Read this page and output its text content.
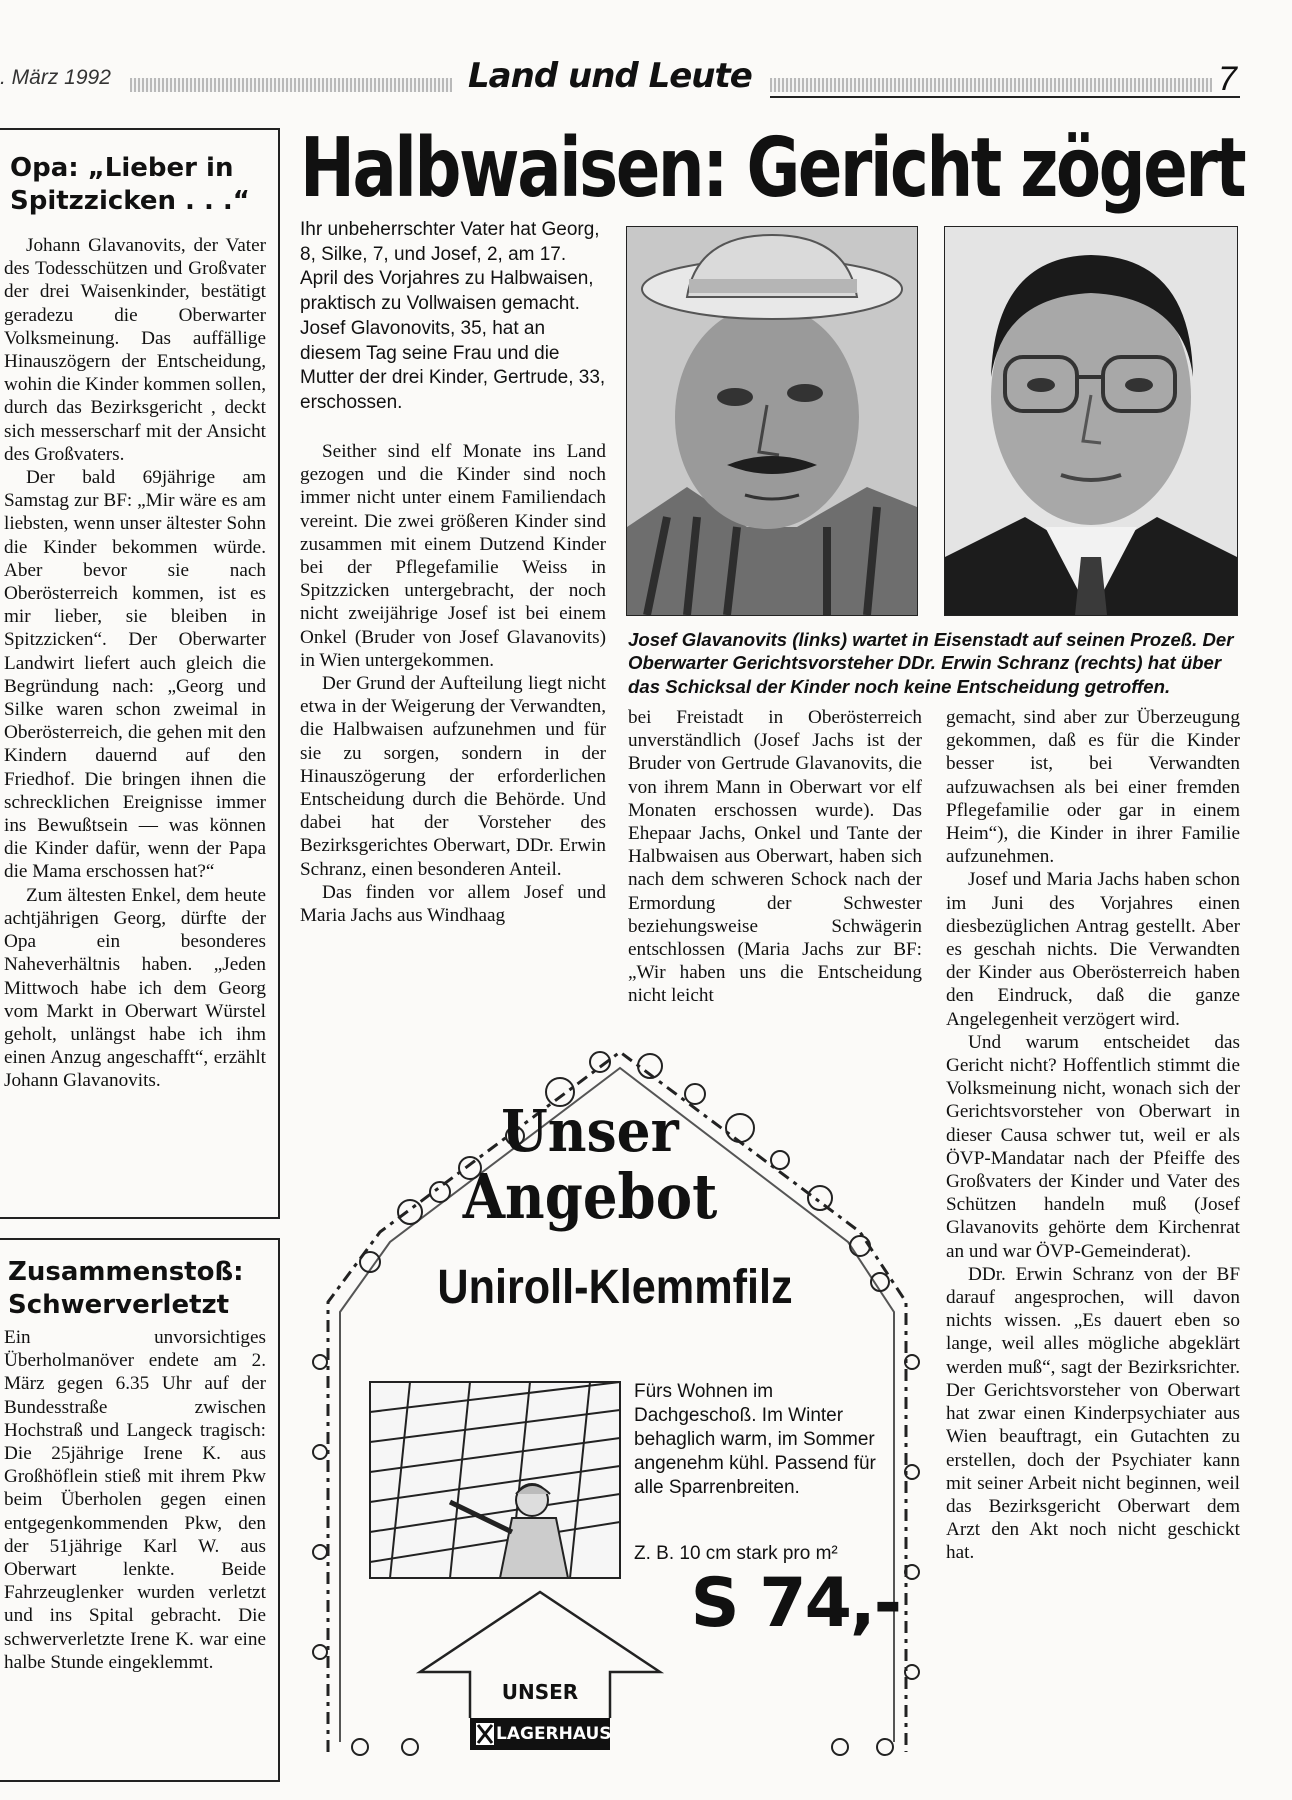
. März 1992	Land und Leute	7
Opa: „Lieber in Spitzzicken . . .“

Johann Glavanovits, der Vater des Todesschützen und Großvater der drei Waisenkinder, bestätigt geradezu die Oberwarter Volksmeinung. Das auffällige Hinauszögern der Entscheidung, wohin die Kinder kommen sollen, durch das Bezirksgericht , deckt sich messerscharf mit der Ansicht des Großvaters.

Der bald 69jährige am Samstag zur BF: „Mir wäre es am liebsten, wenn unser ältester Sohn die Kinder bekommen würde. Aber bevor sie nach Oberösterreich kommen, ist es mir lieber, sie bleiben in Spitzzicken“. Der Oberwarter Landwirt liefert auch gleich die Begründung nach: „Georg und Silke waren schon zweimal in Oberösterreich, die gehen mit den Kindern dauernd auf den Friedhof. Die bringen ihnen die schrecklichen Ereignisse immer ins Bewußtsein — was können die Kinder dafür, wenn der Papa die Mama erschossen hat?“

Zum ältesten Enkel, dem heute achtjährigen Georg, dürfte der Opa ein besonderes Naheverhältnis haben. „Jeden Mittwoch habe ich dem Georg vom Markt in Oberwart Würstel geholt, unlängst habe ich ihm einen Anzug angeschafft“, erzählt Johann Glavanovits.

Zusammenstoß: Schwerverletzt

Ein unvorsichtiges Überholmanöver endete am 2. März gegen 6.35 Uhr auf der Bundesstraße zwischen Hochstraß und Langeck tragisch: Die 25jährige Irene K. aus Großhöflein stieß mit ihrem Pkw beim Überholen gegen einen entgegenkommenden Pkw, den der 51jährige Karl W. aus Oberwart lenkte. Beide Fahrzeuglenker wurden verletzt und ins Spital gebracht. Die schwerverletzte Irene K. war eine halbe Stunde eingeklemmt.

Halbwaisen: Gericht zögert

Ihr unbeherrschter Vater hat Georg, 8, Silke, 7, und Josef, 2, am 17. April des Vorjahres zu Halbwaisen, praktisch zu Vollwaisen gemacht. Josef Glavonovits, 35, hat an diesem Tag seine Frau und die Mutter der drei Kinder, Gertrude, 33, erschossen.

Seither sind elf Monate ins Land gezogen und die Kinder sind noch immer nicht unter einem Familiendach vereint. Die zwei größeren Kinder sind zusammen mit einem Dutzend Kinder bei der Pflegefamilie Weiss in Spitzzicken untergebracht, der noch nicht zweijährige Josef ist bei einem Onkel (Bruder von Josef Glavanovits) in Wien untergekommen.

Der Grund der Aufteilung liegt nicht etwa in der Weigerung der Verwandten, die Halbwaisen aufzunehmen und für sie zu sorgen, sondern in der Hinauszögerung der erforderlichen Entscheidung durch die Behörde. Und dabei hat der Vorsteher des Bezirksgerichtes Oberwart, DDr. Erwin Schranz, einen besonderen Anteil.

Das finden vor allem Josef und Maria Jachs aus Windhaag

Josef Glavanovits (links) wartet in Eisenstadt auf seinen Prozeß. Der Oberwarter Gerichtsvorsteher DDr. Erwin Schranz (rechts) hat über das Schicksal der Kinder noch keine Entscheidung getroffen.

bei Freistadt in Oberösterreich unverständlich (Josef Jachs ist der Bruder von Gertrude Glavanovits, die von ihrem Mann in Oberwart vor elf Monaten erschossen wurde). Das Ehepaar Jachs, Onkel und Tante der Halbwaisen aus Oberwart, haben sich nach dem schweren Schock nach der Ermordung der Schwester beziehungsweise Schwägerin entschlossen (Maria Jachs zur BF: „Wir haben uns die Entscheidung nicht leicht

gemacht, sind aber zur Überzeugung gekommen, daß es für die Kinder besser ist, bei Verwandten aufzuwachsen als bei einer fremden Pflegefamilie oder gar in einem Heim“), die Kinder in ihrer Familie aufzunehmen.

Josef und Maria Jachs haben schon im Juni des Vorjahres einen diesbezüglichen Antrag gestellt. Aber es geschah nichts. Die Verwandten der Kinder aus Oberösterreich haben den Eindruck, daß die ganze Angelegenheit verzögert wird.

Und warum entscheidet das Gericht nicht? Hoffentlich stimmt die Volksmeinung nicht, wonach sich der Gerichtsvorsteher von Oberwart in dieser Causa schwer tut, weil er als ÖVP-Mandatar nach der Pfeiffe des Großvaters der Kinder und Vater des Schützen handeln muß (Josef Glavanovits gehörte dem Kirchenrat an und war ÖVP-Gemeinderat).

DDr. Erwin Schranz von der BF darauf angesprochen, will davon nichts wissen. „Es dauert eben so lange, weil alles mögliche abgeklärt werden muß“, sagt der Bezirksrichter. Der Gerichtsvorsteher von Oberwart hat zwar einen Kinderpsychiater aus Wien beauftragt, ein Gutachten zu erstellen, doch der Psychiater kann mit seiner Arbeit nicht beginnen, weil das Bezirksgericht Oberwart dem Arzt den Akt noch nicht geschickt hat.

Unser
Angebot
Uniroll-Klemmfilz
Fürs Wohnen im Dachgeschoß. Im Winter behaglich warm, im Sommer angenehm kühl. Passend für alle Sparrenbreiten.
Z. B. 10 cm stark pro m²
S 74,-
UNSER
LAGERHAUS
